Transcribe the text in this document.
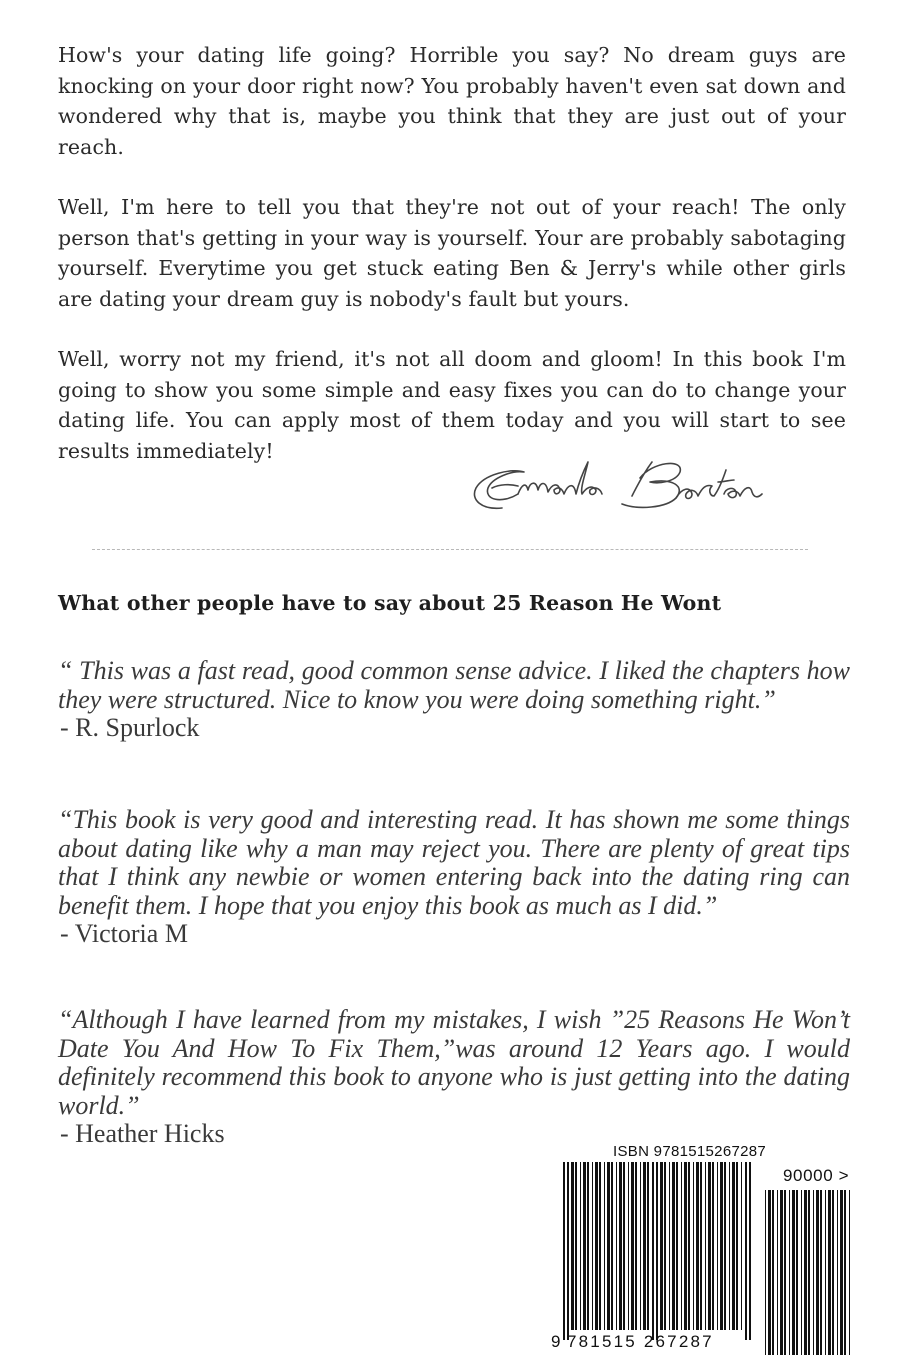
How's your dating life going? Horrible you say? No dream guys are knocking on your door right now? You probably haven't even sat down and wondered why that is, maybe you think that they are just out of your reach.

Well, I'm here to tell you that they're not out of your reach! The only person that's getting in your way is yourself. Your are probably sabotaging yourself. Everytime you get stuck eating Ben & Jerry's while other girls are dating your dream guy is nobody's fault but yours.

Well, worry not my friend, it's not all doom and gloom! In this book I'm going to show you some simple and easy fixes you can do to change your dating life. You can apply most of them today and you will start to see results immediately!

What other people have to say about 25 Reason He Wont

“ This was a fast read, good common sense advice. I liked the chapters how they were structured. Nice to know you were doing something right.”

- R. Spurlock

“This book is very good and interesting read. It has shown me some things about dating like why a man may reject you. There are plenty of great tips that I think any newbie or women entering back into the dating ring can benefit them. I hope that you enjoy this book as much as I did.”

- Victoria M

“Although I have learned from my mistakes, I wish ”25 Reasons He Won’t Date You And How To Fix Them,”was around 12 Years ago. I would definitely recommend this book to anyone who is just getting into the dating world.”

- Heather Hicks

ISBN 9781515267287
90000 >
9 781515 267287
